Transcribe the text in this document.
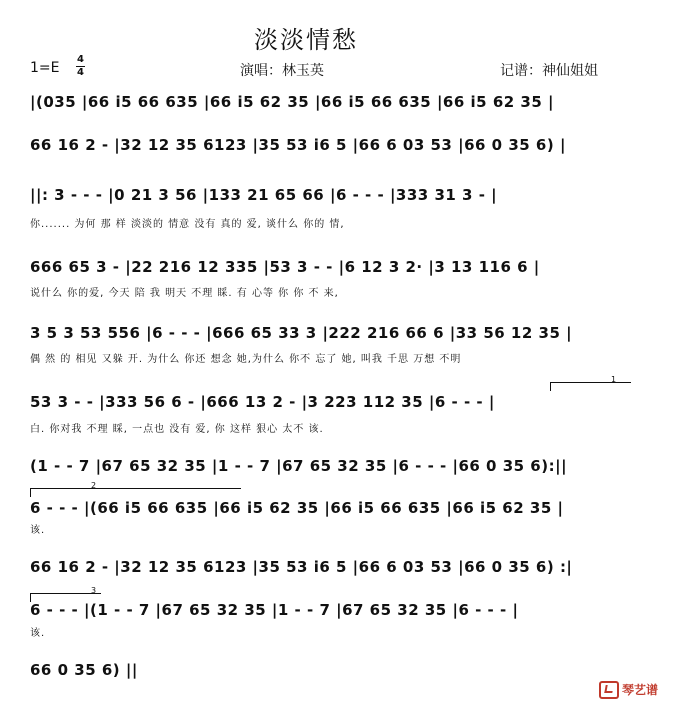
淡淡情愁
演唱：林玉英	记谱：神仙姐姐
1=E
4
4
|(035 |66 i5 66 635 |66 i5 62 35 |66 i5 66 635 |66 i5 62 35 |
66 16 2 - |32 12 35 6123 |35 53 i6 5 |66 6 03 53 |66 0 35 6) |
||: 3 - - - |0 21 3 56 |133 21 65 66 |6 - - - |333 31 3 - |
你....... 为何 那 样 淡淡的 情意 没有 真的 爱, 谈什么 你的 情,
666 65 3 - |22 216 12 335 |53 3 - - |6 12 3 2· |3 13 116 6 |
说什么 你的爱, 今天 陪 我 明天 不理 睬. 有 心等 你 你 不 来,
3 5 3 53 556 |6 - - - |666 65 33 3 |222 216 66 6 |33 56 12 35 |
偶 然 的 相见 又躲 开. 为什么 你还 想念 她,为什么 你不 忘了 她, 叫我 千思 万想 不明
1
53 3 - - |333 56 6 - |666 13 2 - |3 223 112 35 |6 - - - |
白. 你对我 不理 睬, 一点也 没有 爱, 你 这样 狠心 太不 该.
(1 - - 7 |67 65 32 35 |1 - - 7 |67 65 32 35 |6 - - - |66 0 35 6):||
2
6 - - - |(66 i5 66 635 |66 i5 62 35 |66 i5 66 635 |66 i5 62 35 |
该.
66 16 2 - |32 12 35 6123 |35 53 i6 5 |66 6 03 53 |66 0 35 6) :|
3
6 - - - |(1 - - 7 |67 65 32 35 |1 - - 7 |67 65 32 35 |6 - - - |
该.
66 0 35 6) ||
琴艺谱
